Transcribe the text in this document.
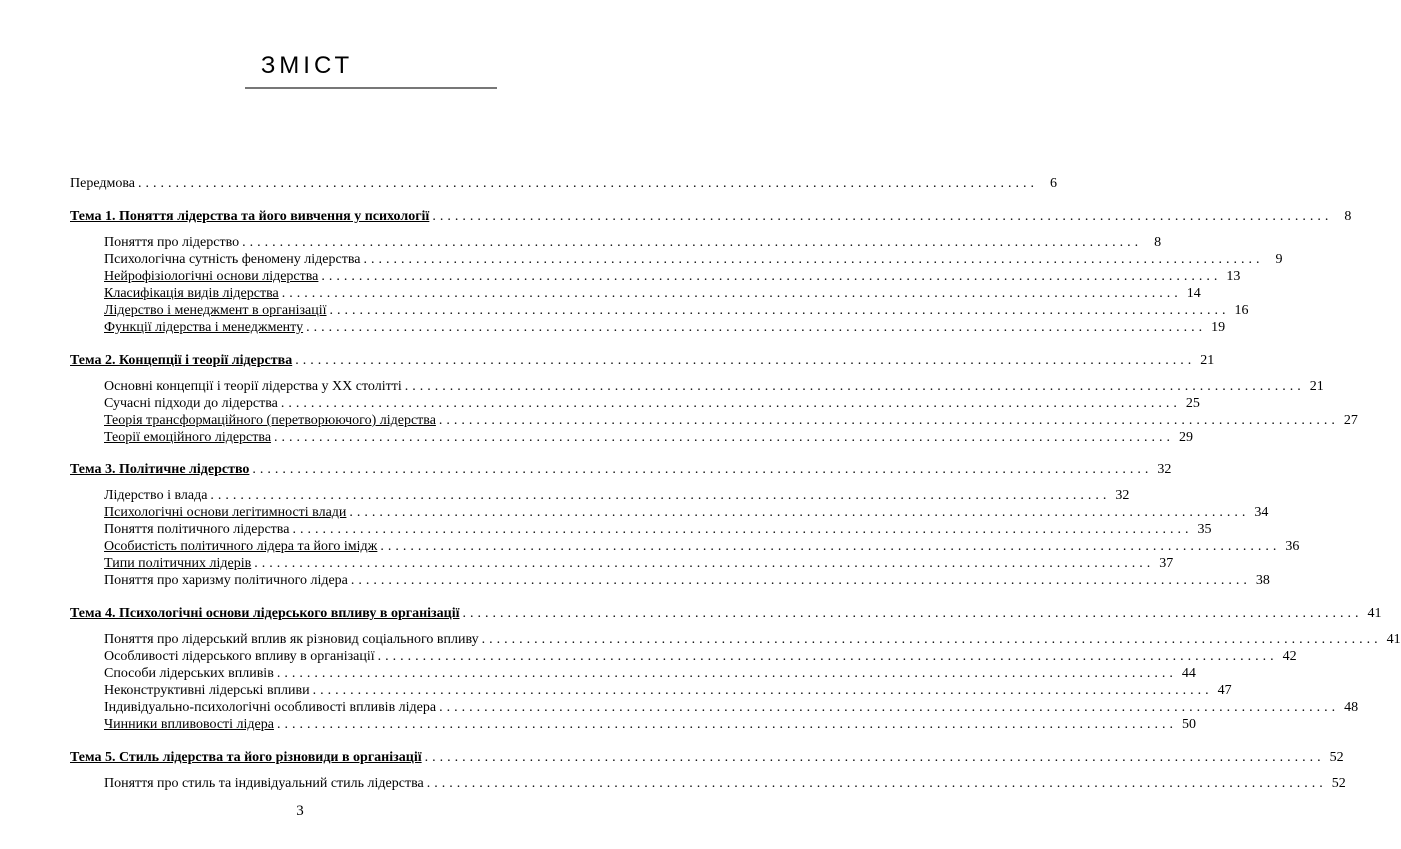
ЗМІСТ
Передмова ........................................................................................................................ 6
Тема 1. Поняття лідерства та його вивчення у психології ........................................................................................................................ 8
Поняття про лідерство ........................................................................................................................ 8
Психологічна сутність феномену лідерства ........................................................................................................................ 9
Нейрофізіологічні основи лідерства ........................................................................................................................ 13
Класифікація видів лідерства ........................................................................................................................ 14
Лідерство і менеджмент в організації ........................................................................................................................ 16
Функції лідерства і менеджменту ........................................................................................................................ 19
Тема 2. Концепції і теорії лідерства ........................................................................................................................ 21
Основні концепції і теорії лідерства у ХХ столітті ........................................................................................................................ 21
Сучасні підходи до лідерства ........................................................................................................................ 25
Теорія трансформаційного (перетворюючого) лідерства ........................................................................................................................ 27
Теорії емоційного лідерства ........................................................................................................................ 29
Тема 3. Політичне лідерство ........................................................................................................................ 32
Лідерство і влада ........................................................................................................................ 32
Психологічні основи легітимності влади ........................................................................................................................ 34
Поняття політичного лідерства ........................................................................................................................ 35
Особистість політичного лідера та його імідж ........................................................................................................................ 36
Типи політичних лідерів ........................................................................................................................ 37
Поняття про харизму політичного лідера ........................................................................................................................ 38
Тема 4. Психологічні основи лідерського впливу в організації ........................................................................................................................ 41
Поняття про лідерський вплив як різновид соціального впливу ........................................................................................................................ 41
Особливості лідерського впливу в організації ........................................................................................................................ 42
Способи лідерських впливів ........................................................................................................................ 44
Неконструктивні лідерські впливи ........................................................................................................................ 47
Індивідуально-психологічні особливості впливів лідера ........................................................................................................................ 48
Чинники впливовості лідера ........................................................................................................................ 50
Тема 5. Стиль лідерства та його різновиди в організації ........................................................................................................................ 52
Поняття про стиль та індивідуальний стиль лідерства ........................................................................................................................ 52
3
